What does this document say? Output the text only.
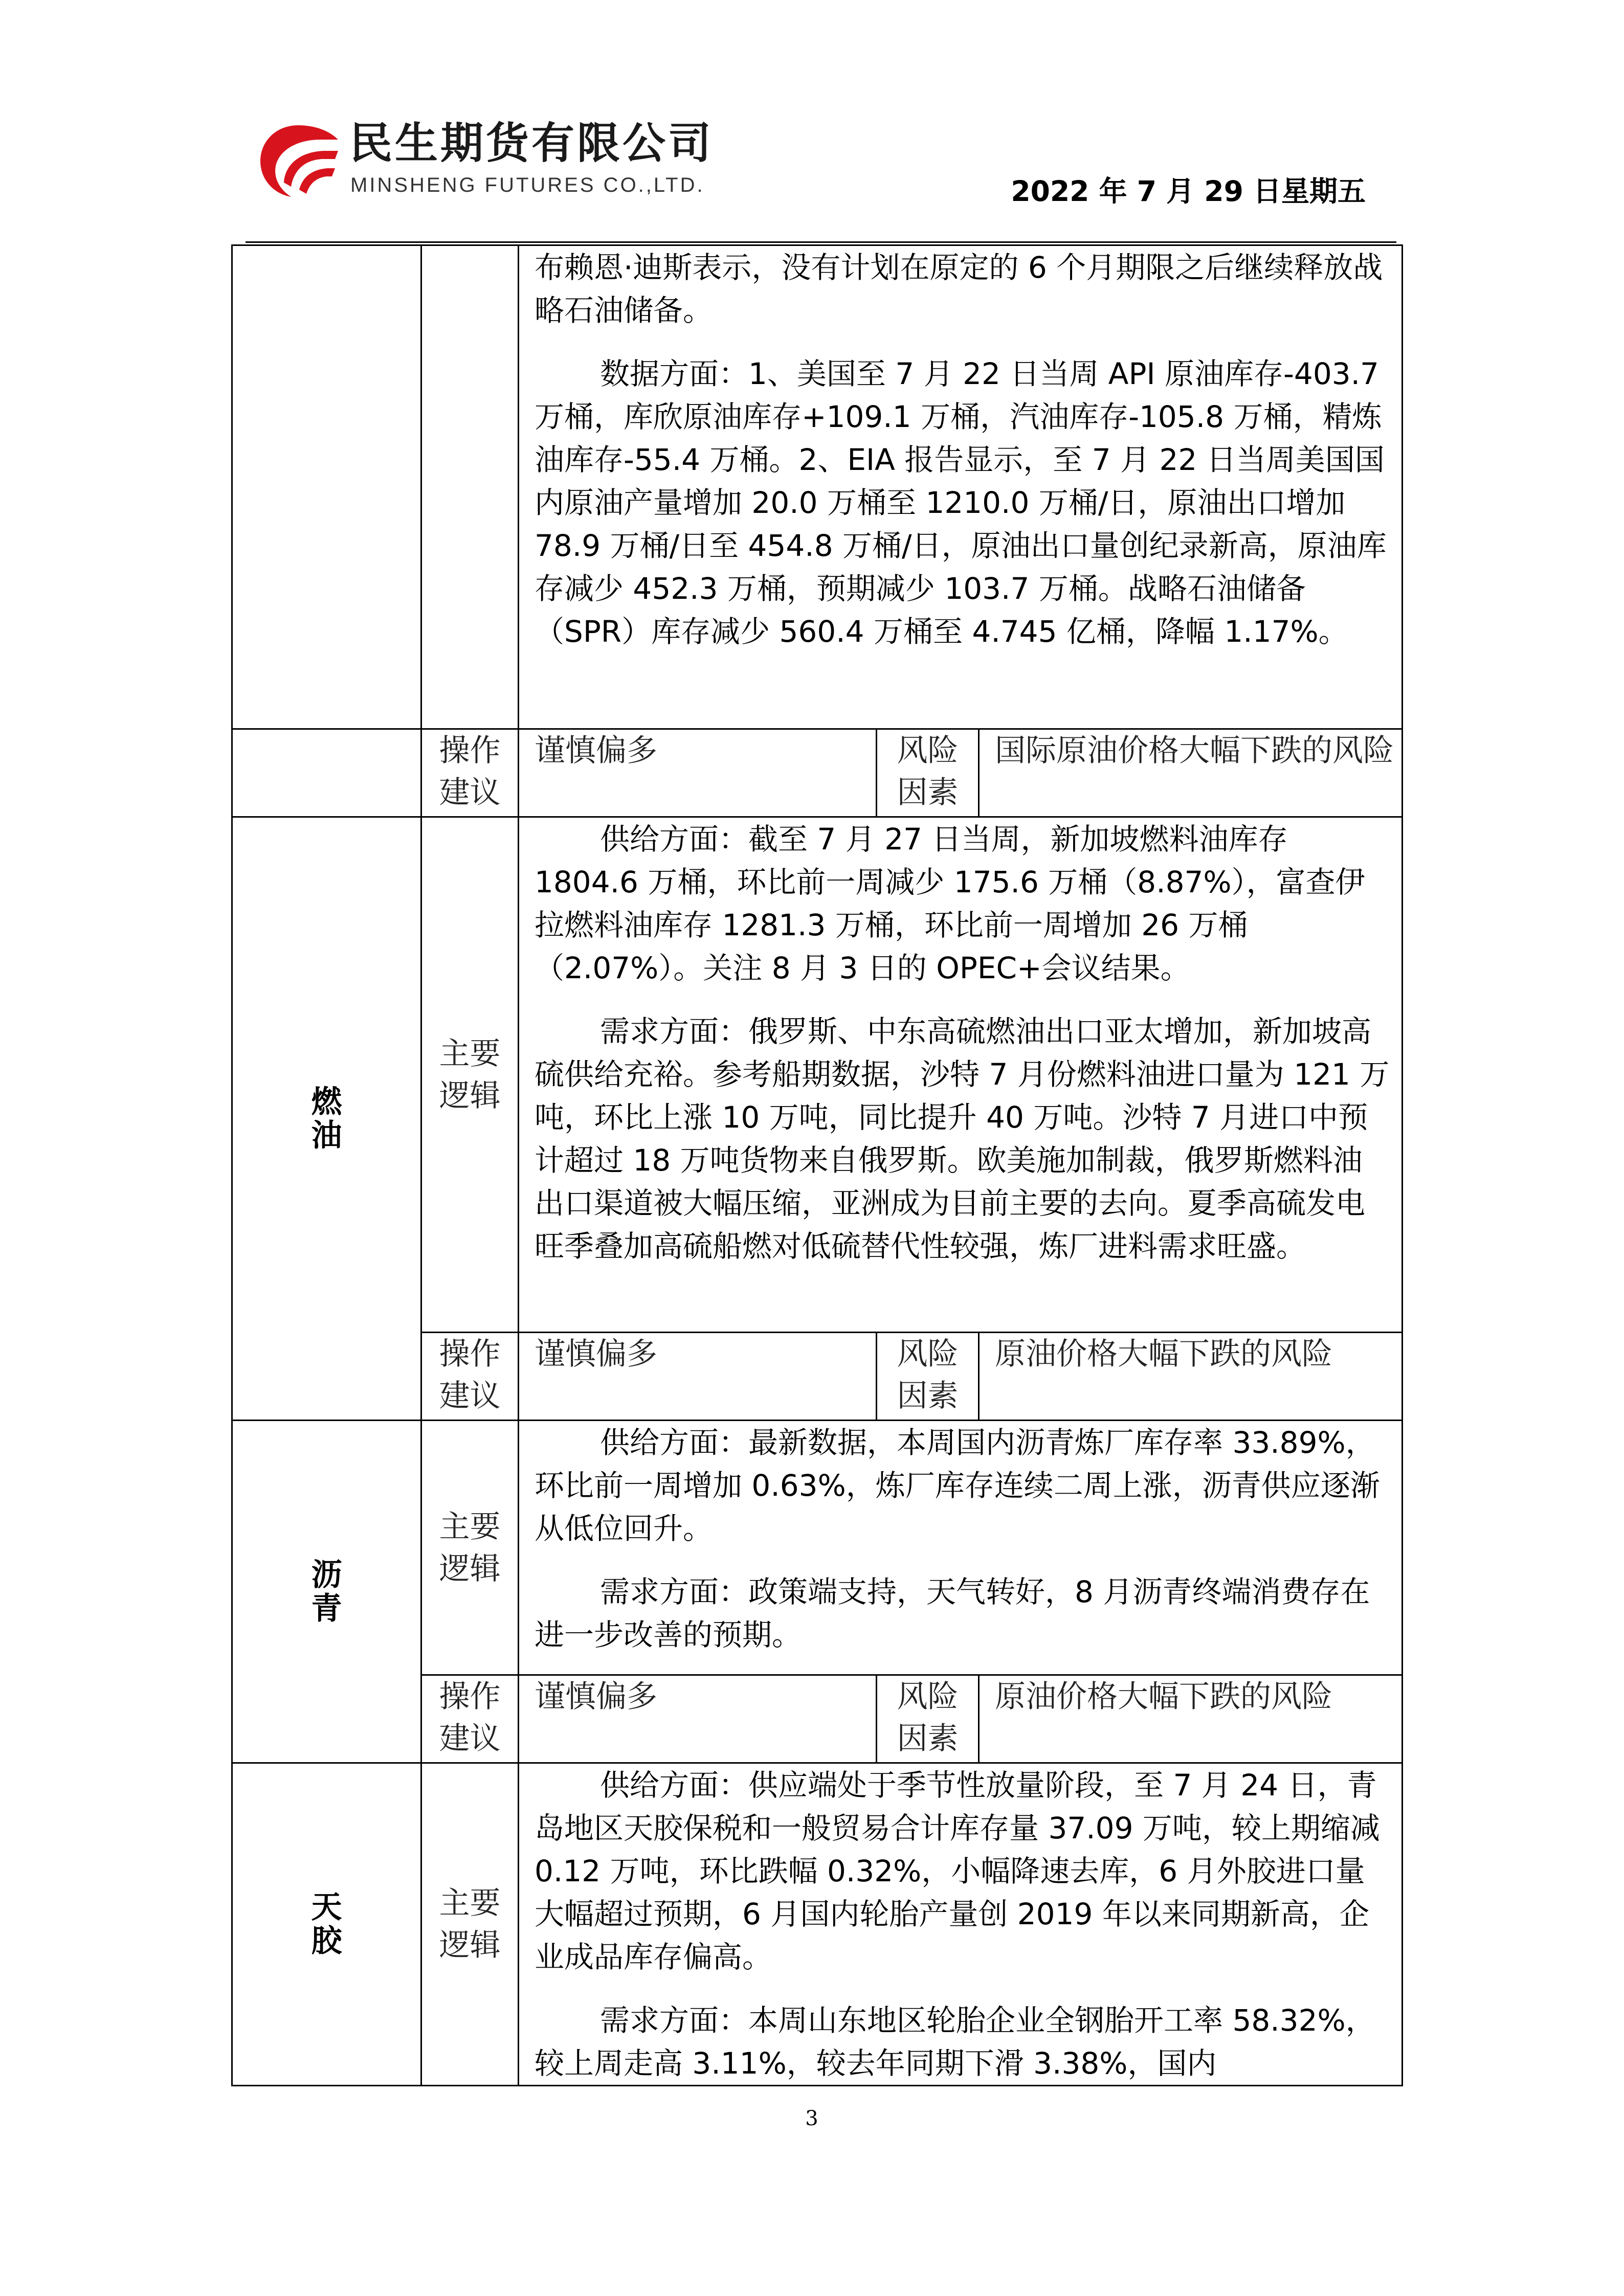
民生期货有限公司
MINSHENG FUTURES CO.,LTD.	2022 年 7 月 29 日星期五

		布赖恩·迪斯表示，没有计划在原定的 6 个月期限之后继续释放战略石油储备。

数据方面：1、美国至 7 月 22 日当周 API 原油库存-403.7 万桶，库欣原油库存+109.1 万桶，汽油库存-105.8 万桶，精炼油库存-55.4 万桶。2、EIA 报告显示，至 7 月 22 日当周美国国内原油产量增加 20.0 万桶至 1210.0 万桶/日，原油出口增加 78.9 万桶/日至 454.8 万桶/日，原油出口量创纪录新高，原油库存减少 452.3 万桶，预期减少 103.7 万桶。战略石油储备（SPR）库存减少 560.4 万桶至 4.745 亿桶，降幅 1.17%。		

	操作建议	谨慎偏多	风险因素	国际原油价格大幅下跌的风险
燃油	主要逻辑	供给方面：截至 7 月 27 日当周，新加坡燃料油库存 1804.6 万桶，环比前一周减少 175.6 万桶（8.87%），富查伊拉燃料油库存 1281.3 万桶，环比前一周增加 26 万桶（2.07%）。关注 8 月 3 日的 OPEC+会议结果。

需求方面：俄罗斯、中东高硫燃油出口亚太增加，新加坡高硫供给充裕。参考船期数据，沙特 7 月份燃料油进口量为 121 万吨，环比上涨 10 万吨，同比提升 40 万吨。沙特 7 月进口中预计超过 18 万吨货物来自俄罗斯。欧美施加制裁，俄罗斯燃料油出口渠道被大幅压缩，亚洲成为目前主要的去向。夏季高硫发电旺季叠加高硫船燃对低硫替代性较强，炼厂进料需求旺盛。		

	操作建议	谨慎偏多	风险因素	原油价格大幅下跌的风险
沥青	主要逻辑	供给方面：最新数据，本周国内沥青炼厂库存率 33.89%，环比前一周增加 0.63%，炼厂库存连续二周上涨，沥青供应逐渐从低位回升。

需求方面：政策端支持，天气转好，8 月沥青终端消费存在进一步改善的预期。		

	操作建议	谨慎偏多	风险因素	原油价格大幅下跌的风险
天胶	主要逻辑	供给方面：供应端处于季节性放量阶段，至 7 月 24 日，青岛地区天胶保税和一般贸易合计库存量 37.09 万吨，较上期缩减 0.12 万吨，环比跌幅 0.32%，小幅降速去库，6 月外胶进口量大幅超过预期，6 月国内轮胎产量创 2019 年以来同期新高，企业成品库存偏高。

需求方面：本周山东地区轮胎企业全钢胎开工率 58.32%，较上周走高 3.11%，较去年同期下滑 3.38%，国内		

3
